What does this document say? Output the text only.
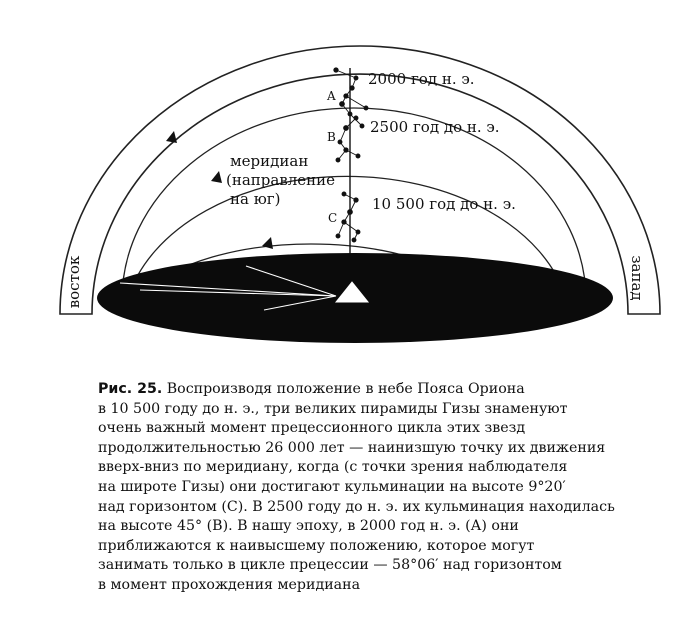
восток	запад
A
B
C
2000 год н. э.
2500 год до н. э.
10 500 год до н. э.
меридиан
(направление
на юг)
Рис. 25. Воспроизводя положение в небе Пояса Ориона
в 10 500 году до н. э., три великих пирамиды Гизы знаменуют
очень важный момент прецессионного цикла этих звезд
продолжительностью 26 000 лет — наинизшую точку их движения
вверх-вниз по меридиану, когда (с точки зрения наблюдателя
на широте Гизы) они достигают кульминации на высоте 9°20′
над горизонтом (С). В 2500 году до н. э. их кульминация находилась
на высоте 45° (В). В нашу эпоху, в 2000 год н. э. (А) они
приближаются к наивысшему положению, которое могут
занимать только в цикле прецессии — 58°06′ над горизонтом
в момент прохождения меридиана
